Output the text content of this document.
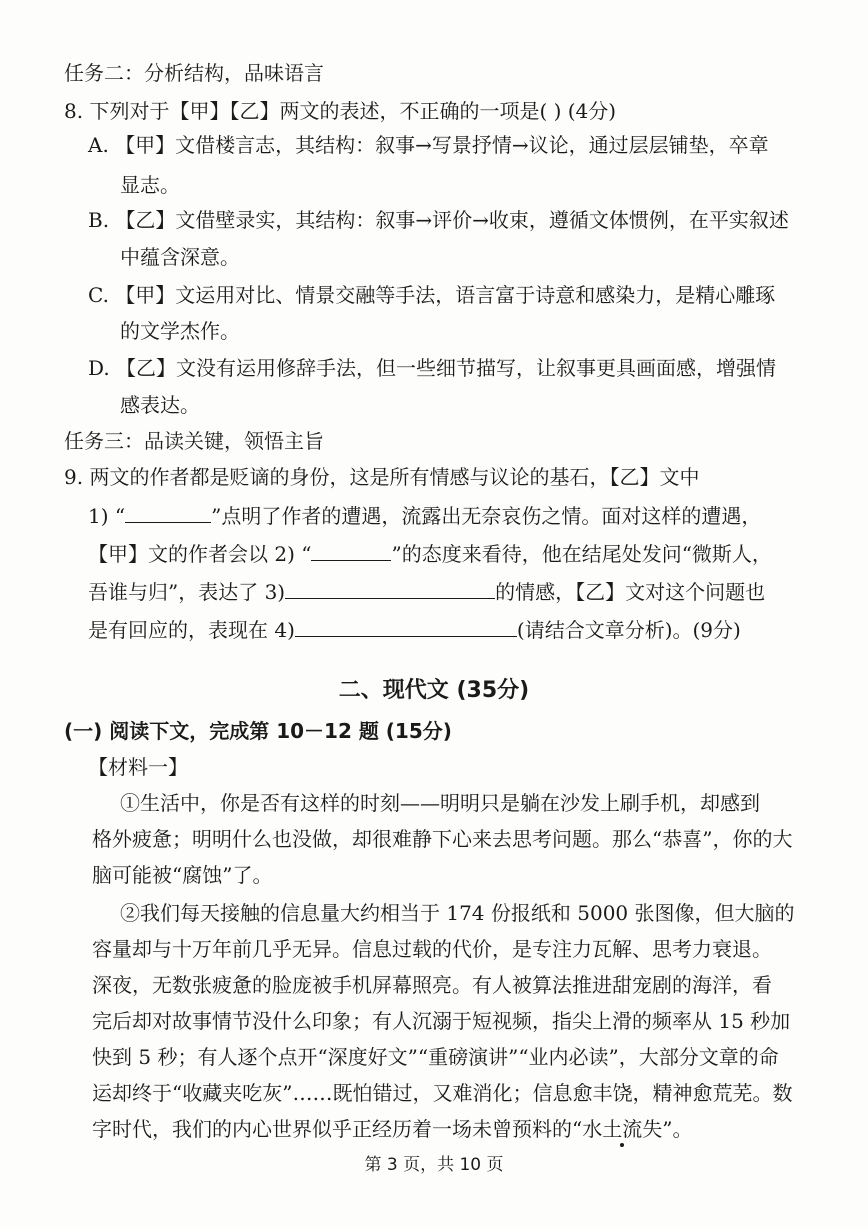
任务二：分析结构，品味语言
8. 下列对于【甲】【乙】两文的表述，不正确的一项是( ) (4分)
A. 【甲】文借楼言志，其结构：叙事→写景抒情→议论，通过层层铺垫，卒章
显志。
B. 【乙】文借壁录实，其结构：叙事→评价→收束，遵循文体惯例，在平实叙述
中蕴含深意。
C. 【甲】文运用对比、情景交融等手法，语言富于诗意和感染力，是精心雕琢
的文学杰作。
D. 【乙】文没有运用修辞手法，但一些细节描写，让叙事更具画面感，增强情
感表达。
任务三：品读关键，领悟主旨
9. 两文的作者都是贬谪的身份，这是所有情感与议论的基石，【乙】文中
1) “	”点明了作者的遭遇，流露出无奈哀伤之情。面对这样的遭遇，
【甲】文的作者会以 2) “	”的态度来看待，他在结尾处发问“微斯人，
吾谁与归”，表达了 3)	的情感，【乙】文对这个问题也
是有回应的，表现在 4)	(请结合文章分析)。(9分)
二、现代文 (35分)
(一) 阅读下文，完成第 10－12 题 (15分)
【材料一】
①生活中，你是否有这样的时刻——明明只是躺在沙发上刷手机，却感到
格外疲惫；明明什么也没做，却很难静下心来去思考问题。那么“恭喜”，你的大
脑可能被“腐蚀”了。
②我们每天接触的信息量大约相当于 174 份报纸和 5000 张图像，但大脑的
容量却与十万年前几乎无异。信息过载的代价，是专注力瓦解、思考力衰退。
深夜，无数张疲惫的脸庞被手机屏幕照亮。有人被算法推进甜宠剧的海洋，看
完后却对故事情节没什么印象；有人沉溺于短视频，指尖上滑的频率从 15 秒加
快到 5 秒；有人逐个点开“深度好文”“重磅演讲”“业内必读”，大部分文章的命
运却终于“收藏夹吃灰”……既怕错过，又难消化；信息愈丰饶，精神愈荒芜。数
字时代，我们的内心世界似乎正经历着一场未曾预料的“水土流失”。
第 3 页，共 10 页
